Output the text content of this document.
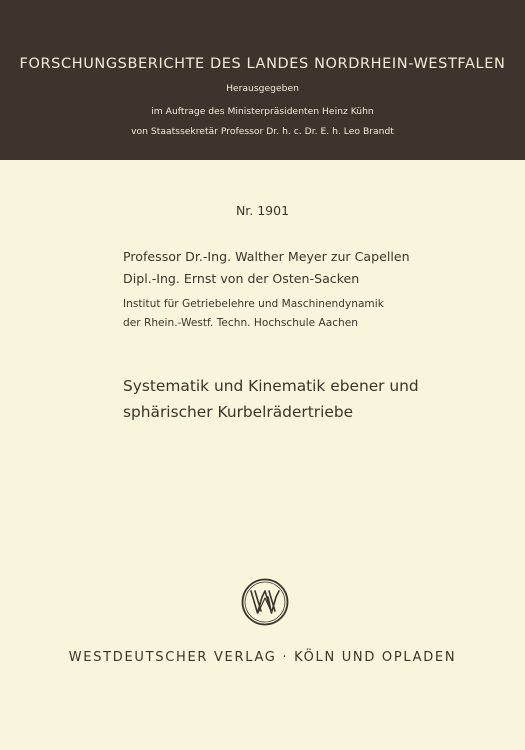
FORSCHUNGSBERICHTE DES LANDES NORDRHEIN-WESTFALEN
Herausgegeben
im Auftrage des Ministerpräsidenten Heinz Kühn
von Staatssekretär Professor Dr. h. c. Dr. E. h. Leo Brandt
Nr. 1901
Professor Dr.-Ing. Walther Meyer zur Capellen
Dipl.-Ing. Ernst von der Osten-Sacken
Institut für Getriebelehre und Maschinendynamik
der Rhein.-Westf. Techn. Hochschule Aachen
Systematik und Kinematik ebener und
sphärischer Kurbelrädertriebe
WESTDEUTSCHER VERLAG · KÖLN UND OPLADEN
